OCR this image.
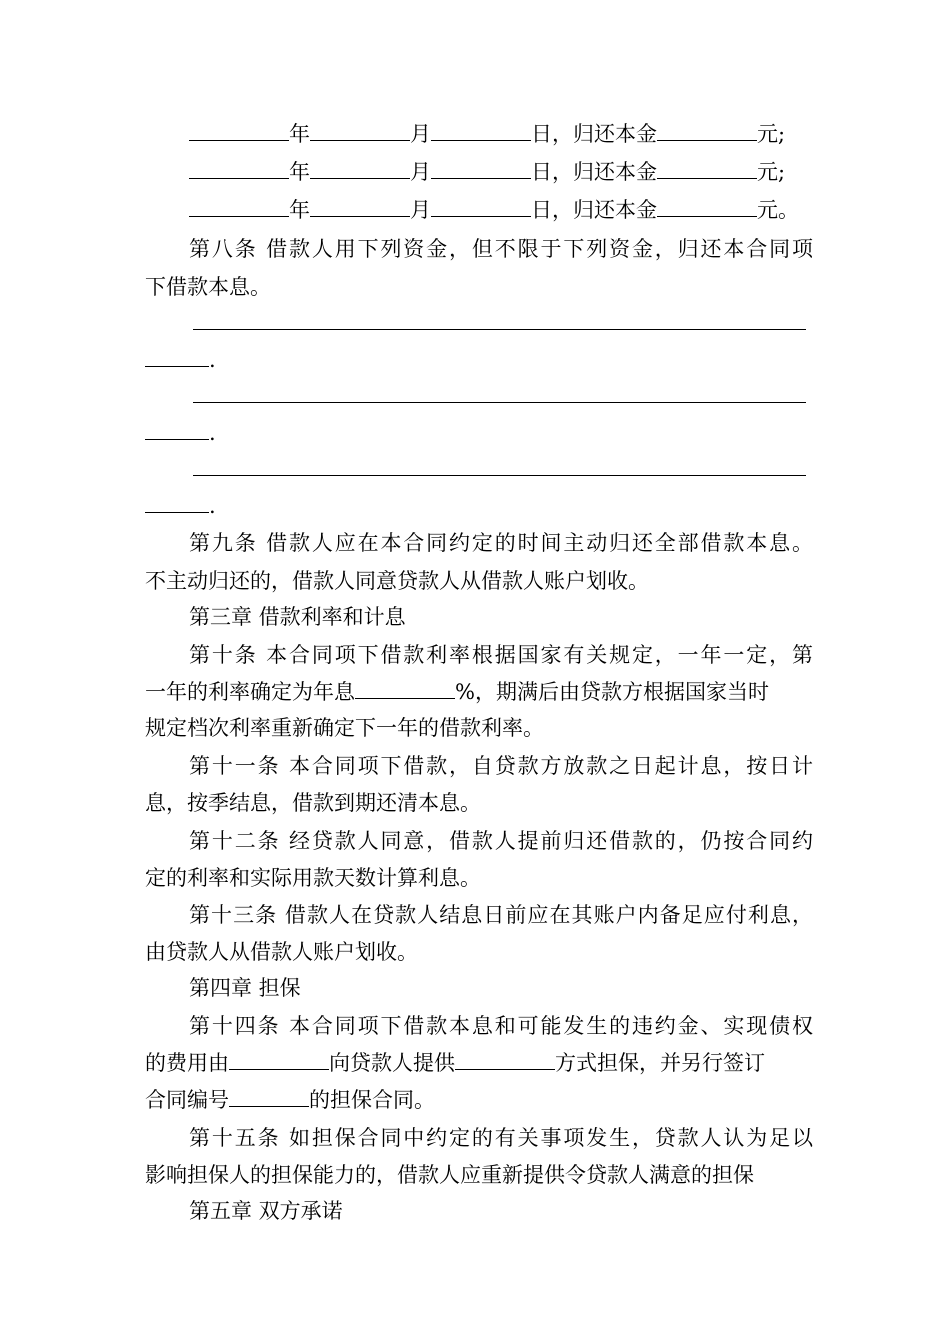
年	月	日，归还本金	元;
年	月	日，归还本金	元;
年	月	日，归还本金	元。
第八条 借款人用下列资金，但不限于下列资金，归还本合同项
下借款本息。
.
.
.
第九条 借款人应在本合同约定的时间主动归还全部借款本息。
不主动归还的，借款人同意贷款人从借款人账户划收。
第三章 借款利率和计息
第十条 本合同项下借款利率根据国家有关规定，一年一定，第
一年的利率确定为年息	%，期满后由贷款方根据国家当时
规定档次利率重新确定下一年的借款利率。
第十一条 本合同项下借款，自贷款方放款之日起计息，按日计
息，按季结息，借款到期还清本息。
第十二条 经贷款人同意，借款人提前归还借款的，仍按合同约
定的利率和实际用款天数计算利息。
第十三条 借款人在贷款人结息日前应在其账户内备足应付利息，
由贷款人从借款人账户划收。
第四章 担保
第十四条 本合同项下借款本息和可能发生的违约金、实现债权
的费用由	向贷款人提供	方式担保，并另行签订
合同编号	的担保合同。
第十五条 如担保合同中约定的有关事项发生，贷款人认为足以
影响担保人的担保能力的，借款人应重新提供令贷款人满意的担保
第五章 双方承诺
